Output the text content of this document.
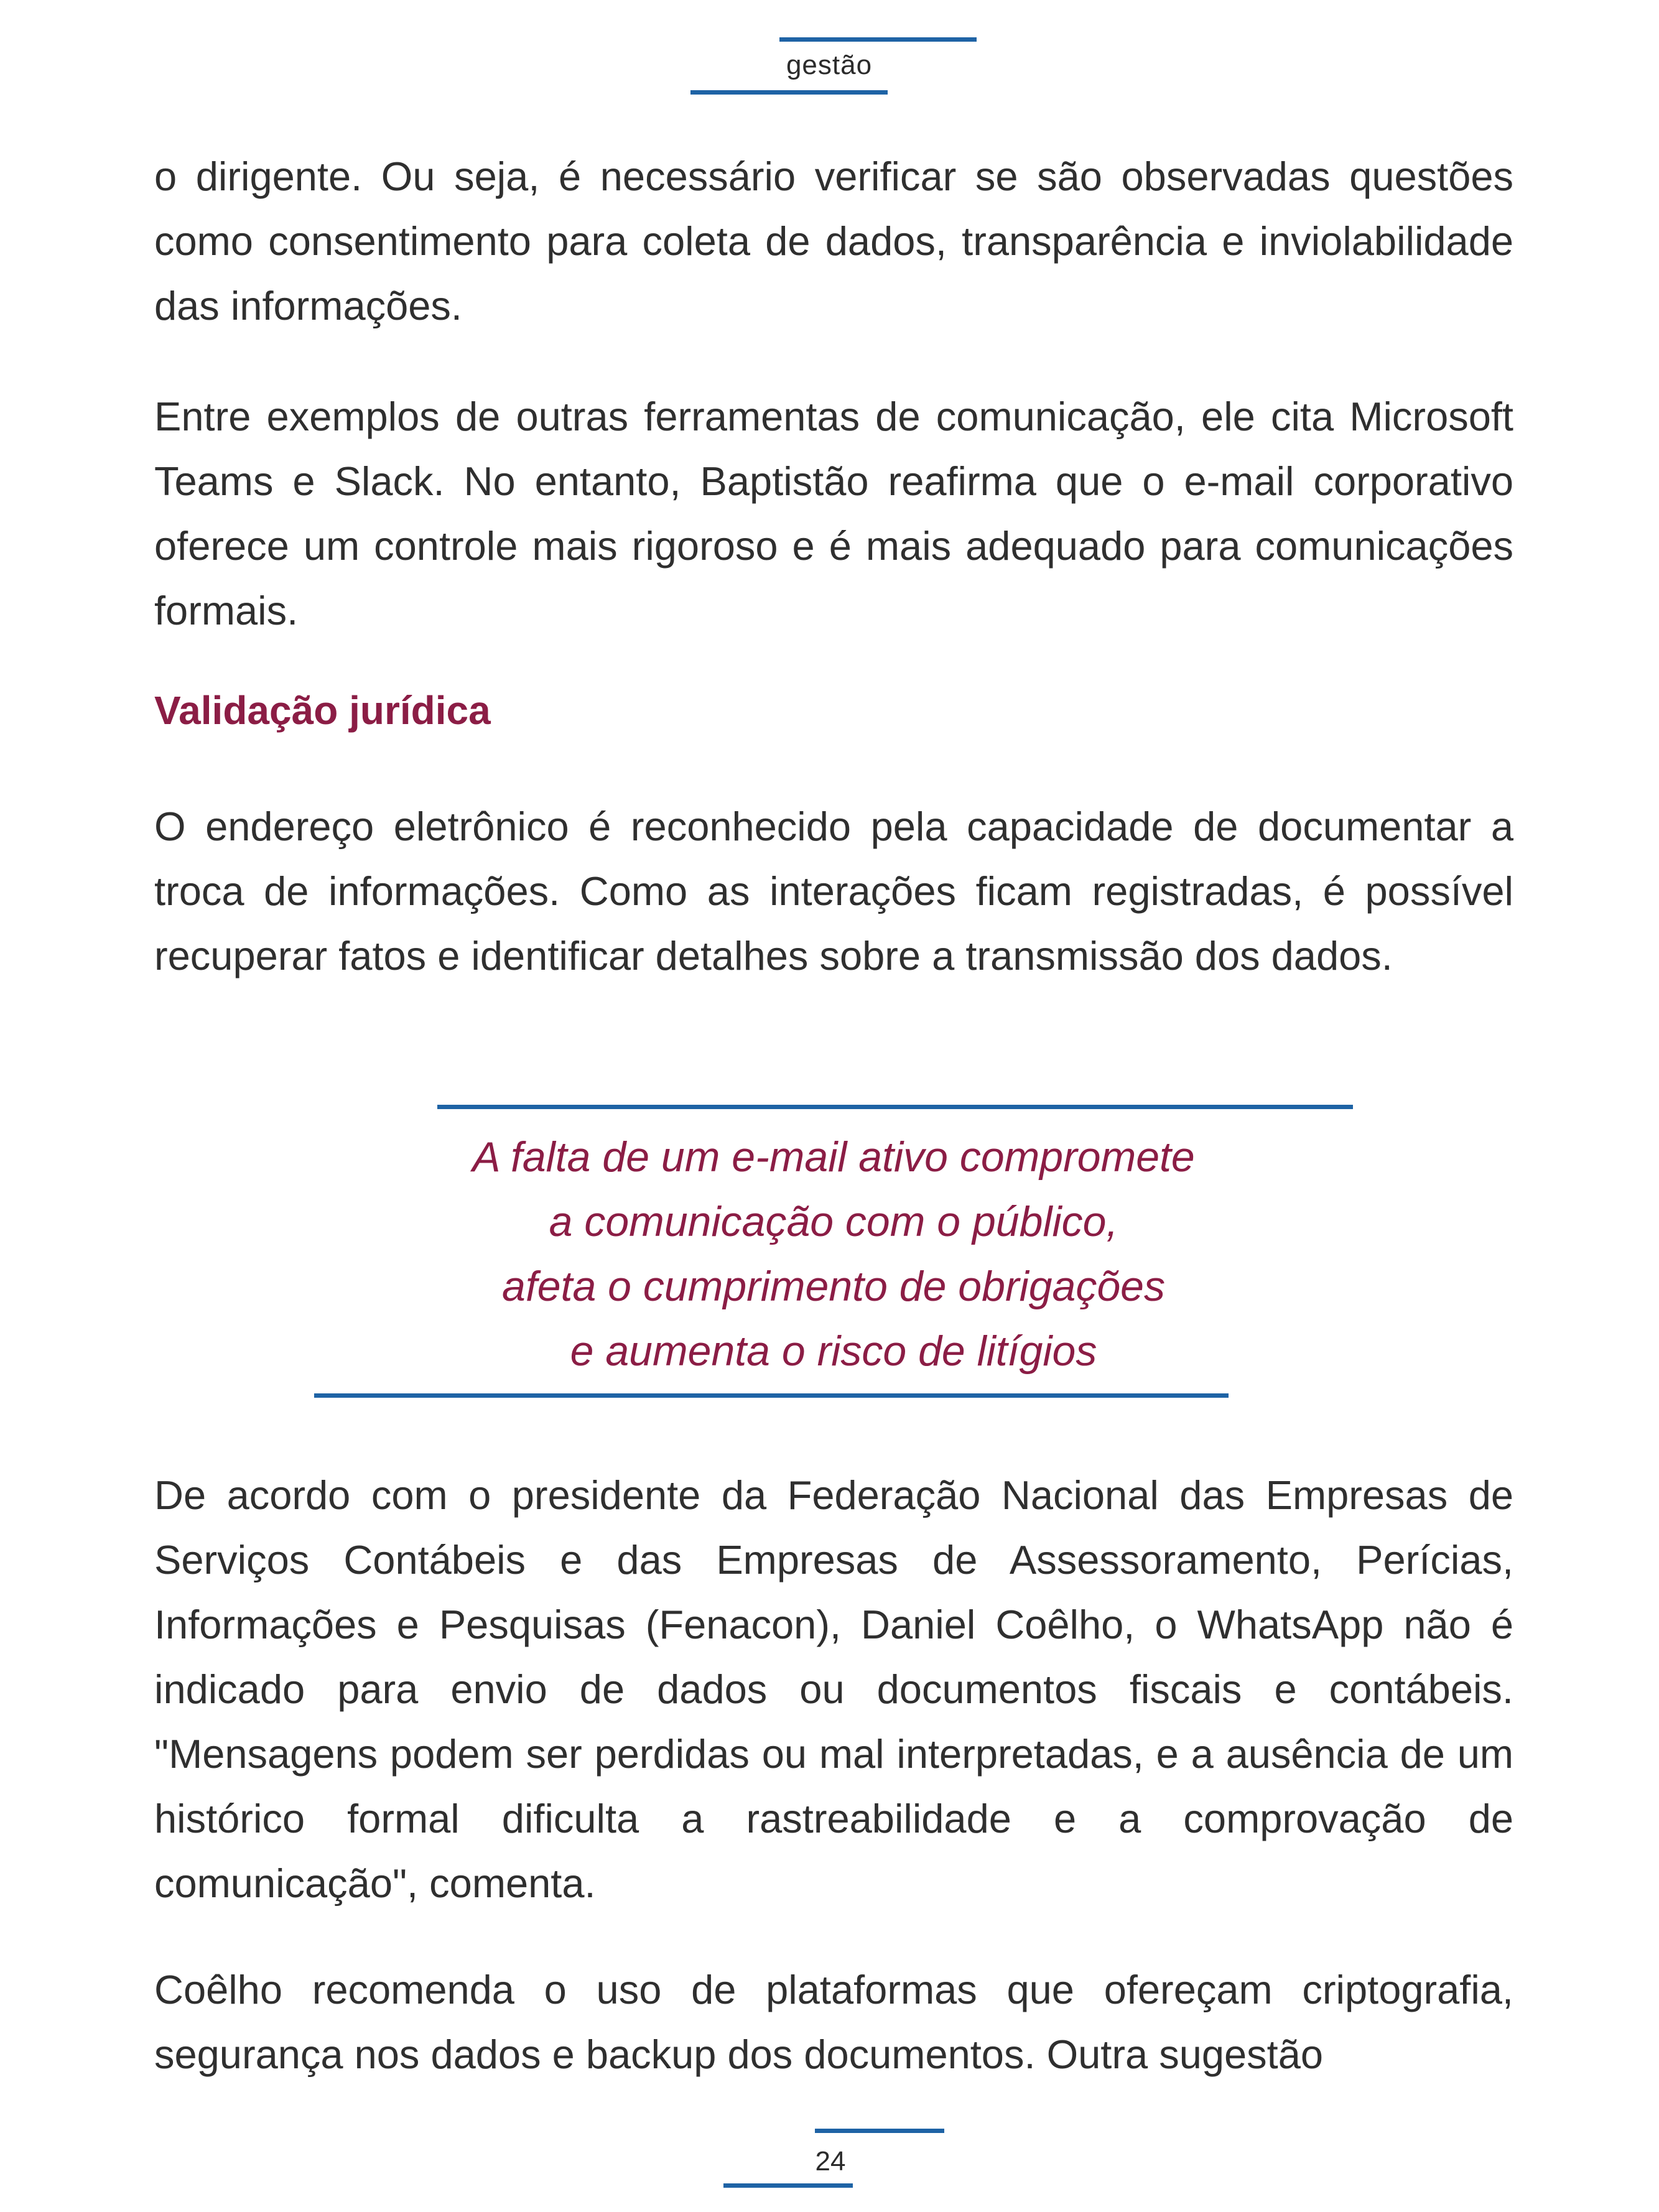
gestão

o dirigente. Ou seja, é necessário verificar se são observadas questões como consentimento para coleta de dados, transparência e inviolabilidade das informações.

Entre exemplos de outras ferramentas de comunicação, ele cita Microsoft Teams e Slack. No entanto, Baptistão reafirma que o e-mail corporativo oferece um controle mais rigoroso e é mais adequado para comunicações formais.

Validação jurídica

O endereço eletrônico é reconhecido pela capacidade de documentar a troca de informações. Como as interações ficam registradas, é possível recuperar fatos e identificar detalhes sobre a transmissão dos dados.

A falta de um e-mail ativo compromete
a comunicação com o público,
afeta o cumprimento de obrigações
e aumenta o risco de litígios

De acordo com o presidente da Federação Nacional das Empresas de Serviços Contábeis e das Empresas de Assessoramento, Perícias, Informações e Pesquisas (Fenacon), Daniel Coêlho, o WhatsApp não é indicado para envio de dados ou documentos fiscais e contábeis. "Mensagens podem ser perdidas ou mal interpretadas, e a ausência de um histórico formal dificulta a rastreabilidade e a comprovação de comunicação", comenta.

Coêlho recomenda o uso de plataformas que ofereçam criptografia, segurança nos dados e backup dos documentos. Outra sugestão

24
